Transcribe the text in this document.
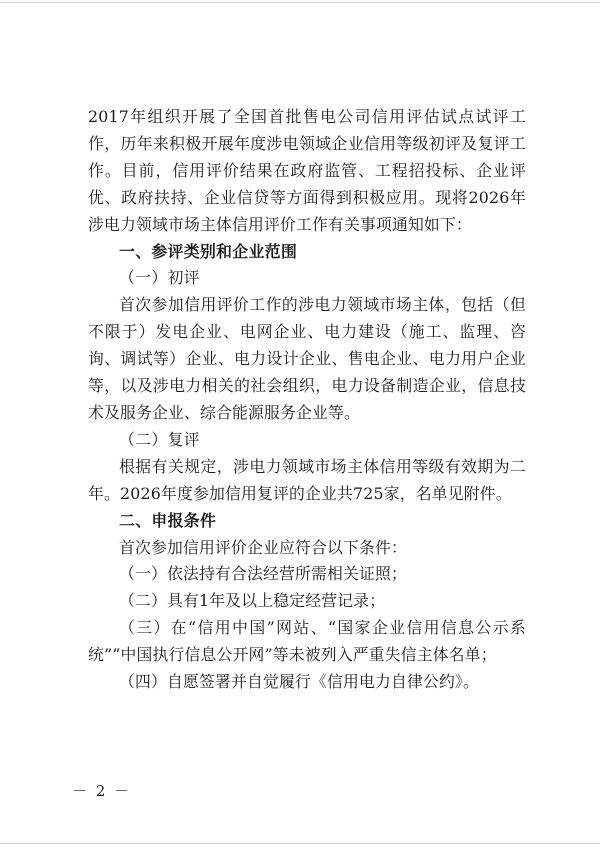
2017年组织开展了全国首批售电公司信用评估试点试评工作，历年来积极开展年度涉电领域企业信用等级初评及复评工作。目前，信用评价结果在政府监管、工程招投标、企业评优、政府扶持、企业信贷等方面得到积极应用。现将2026年涉电力领域市场主体信用评价工作有关事项通知如下：

一、参评类别和企业范围

（一）初评

首次参加信用评价工作的涉电力领域市场主体，包括（但不限于）发电企业、电网企业、电力建设（施工、监理、咨询、调试等）企业、电力设计企业、售电企业、电力用户企业等，以及涉电力相关的社会组织，电力设备制造企业，信息技术及服务企业、综合能源服务企业等。

（二）复评

根据有关规定，涉电力领域市场主体信用等级有效期为二年。2026年度参加信用复评的企业共725家，名单见附件。

二、申报条件

首次参加信用评价企业应符合以下条件：

（一）依法持有合法经营所需相关证照；

（二）具有1年及以上稳定经营记录；

（三）在“信用中国”网站、“国家企业信用信息公示系统”“中国执行信息公开网”等未被列入严重失信主体名单；

（四）自愿签署并自觉履行《信用电力自律公约》。

－ 2 －
